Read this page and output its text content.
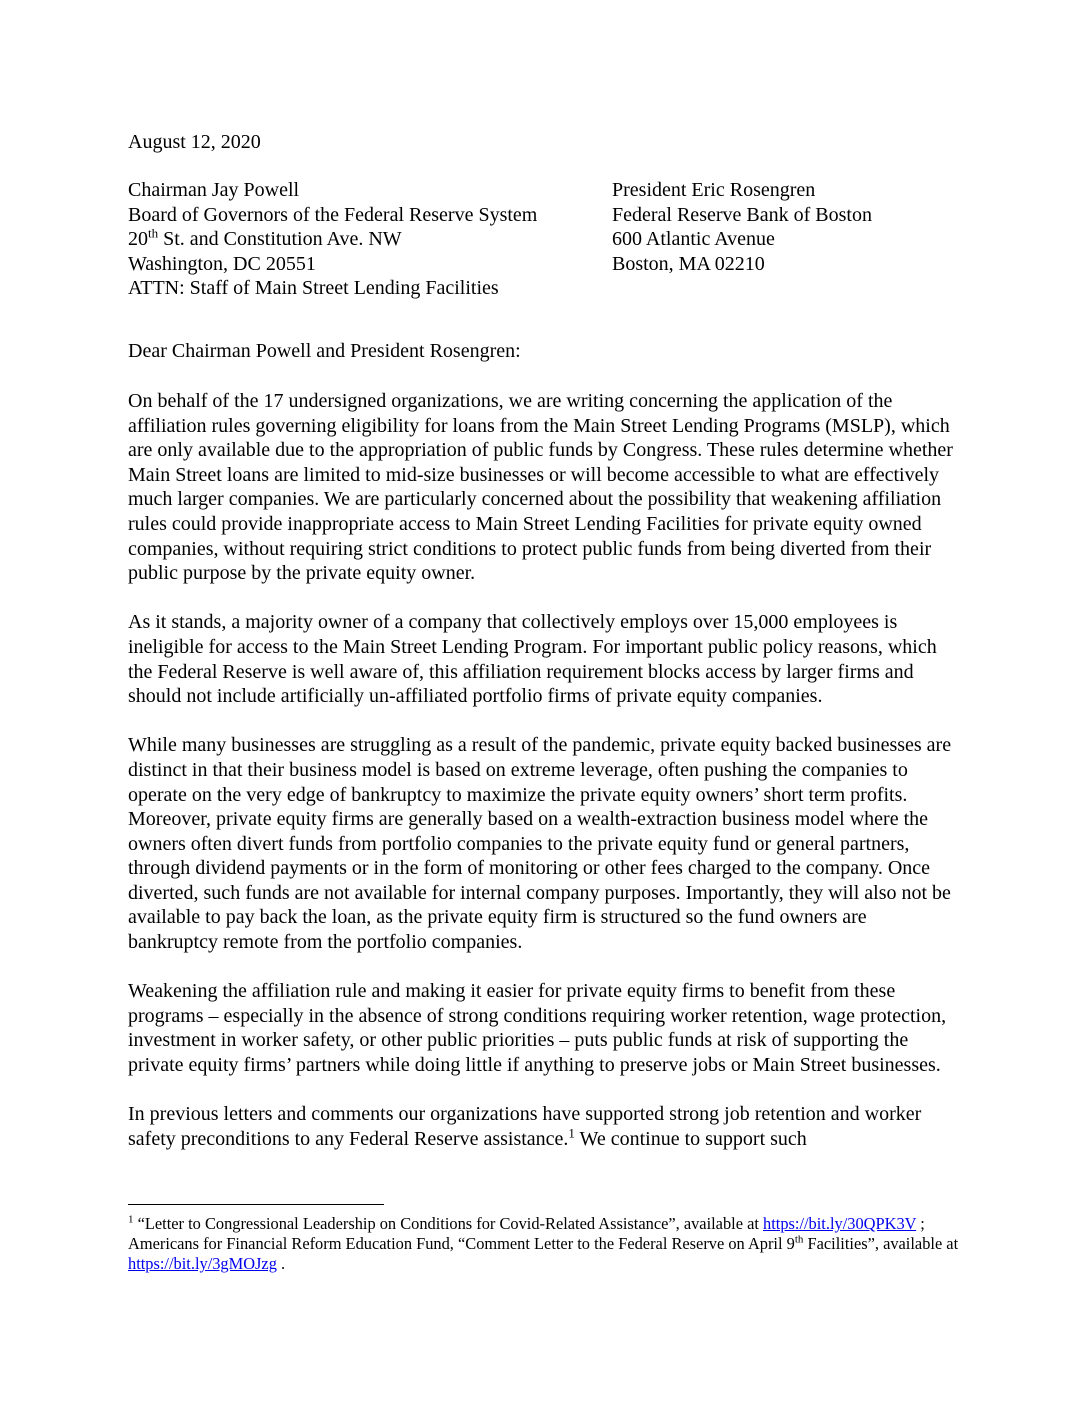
August 12, 2020
Chairman Jay Powell
Board of Governors of the Federal Reserve System
20th St. and Constitution Ave. NW
Washington, DC 20551
ATTN: Staff of Main Street Lending Facilities
President Eric Rosengren
Federal Reserve Bank of Boston
600 Atlantic Avenue
Boston, MA 02210
Dear Chairman Powell and President Rosengren:

On behalf of the 17 undersigned organizations, we are writing concerning the application of the affiliation rules governing eligibility for loans from the Main Street Lending Programs (MSLP), which are only available due to the appropriation of public funds by Congress. These rules determine whether Main Street loans are limited to mid-size businesses or will become accessible to what are effectively much larger companies. We are particularly concerned about the possibility that weakening affiliation rules could provide inappropriate access to Main Street Lending Facilities for private equity owned companies, without requiring strict conditions to protect public funds from being diverted from their public purpose by the private equity owner.

As it stands, a majority owner of a company that collectively employs over 15,000 employees is ineligible for access to the Main Street Lending Program. For important public policy reasons, which the Federal Reserve is well aware of, this affiliation requirement blocks access by larger firms and should not include artificially un-affiliated portfolio firms of private equity companies.

While many businesses are struggling as a result of the pandemic, private equity backed businesses are distinct in that their business model is based on extreme leverage, often pushing the companies to operate on the very edge of bankruptcy to maximize the private equity owners’ short term profits. Moreover, private equity firms are generally based on a wealth-extraction business model where the owners often divert funds from portfolio companies to the private equity fund or general partners, through dividend payments or in the form of monitoring or other fees charged to the company. Once diverted, such funds are not available for internal company purposes. Importantly, they will also not be available to pay back the loan, as the private equity firm is structured so the fund owners are bankruptcy remote from the portfolio companies.

Weakening the affiliation rule and making it easier for private equity firms to benefit from these programs – especially in the absence of strong conditions requiring worker retention, wage protection, investment in worker safety, or other public priorities – puts public funds at risk of supporting the private equity firms’ partners while doing little if anything to preserve jobs or Main Street businesses.

In previous letters and comments our organizations have supported strong job retention and worker safety preconditions to any Federal Reserve assistance.$^1$ We continue to support such

$^1$ “Letter to Congressional Leadership on Conditions for Covid-Related Assistance”, available at https://bit.ly/30QPK3V ; Americans for Financial Reform Education Fund, “Comment Letter to the Federal Reserve on April 9th Facilities”, available at https://bit.ly/3gMOJzg .
